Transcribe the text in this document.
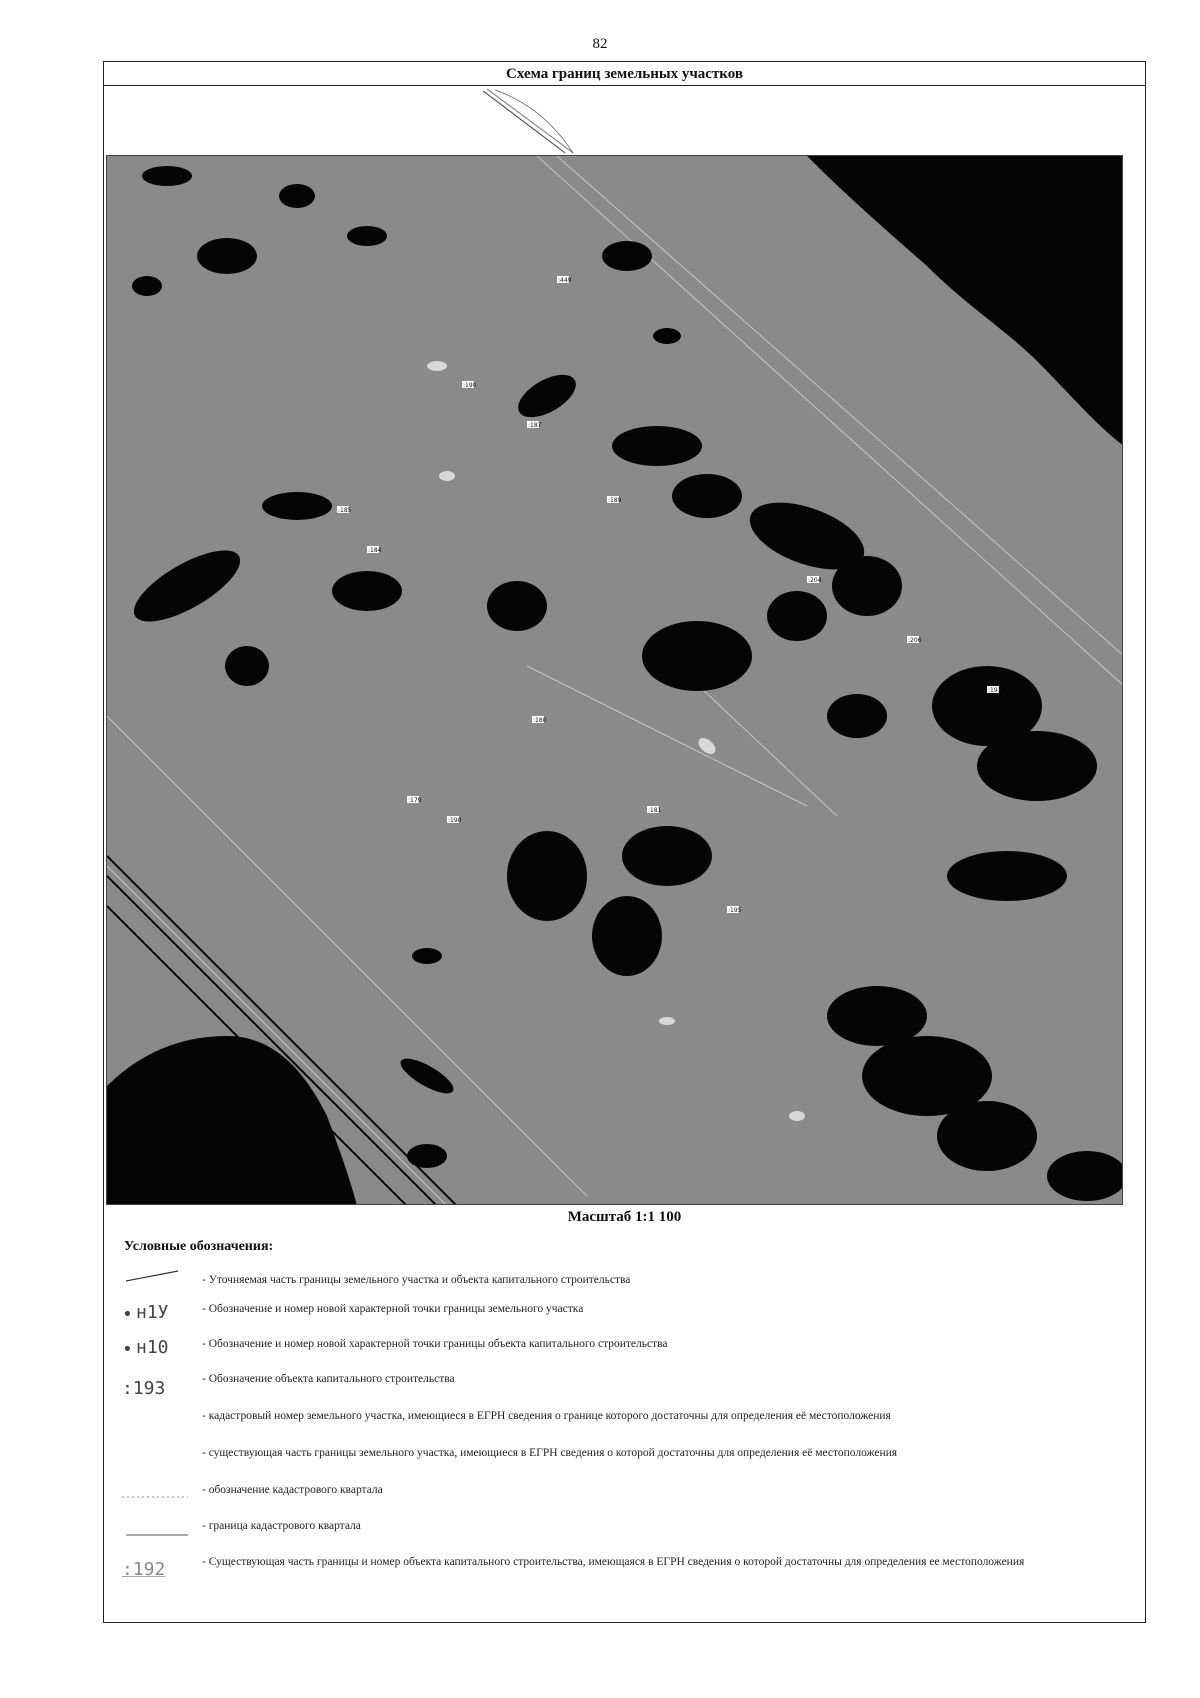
82
Схема границ земельных участков
:449
:190
:187
:189
:185
:184
:179
:180
:181
:195
:190
:204
:206
:193
Масштаб 1:1 100
Условные обозначения:
- Уточняемая часть границы земельного участка и объекта капитального строительства
• н1У	- Обозначение и номер новой характерной точки границы земельного участка
• н10	- Обозначение и номер новой характерной точки границы объекта капитального строительства
:193	- Обозначение объекта капитального строительства
- кадастровый номер земельного участка, имеющиеся в ЕГРН сведения о границе которого достаточны для определения её местоположения
- существующая часть границы земельного участка, имеющиеся в ЕГРН сведения о которой достаточны для определения её местоположения
- обозначение кадастрового квартала
- граница кадастрового квартала
:192	- Существующая часть границы и номер объекта капитального строительства, имеющаяся в ЕГРН сведения о которой достаточны для определения ее местоположения
